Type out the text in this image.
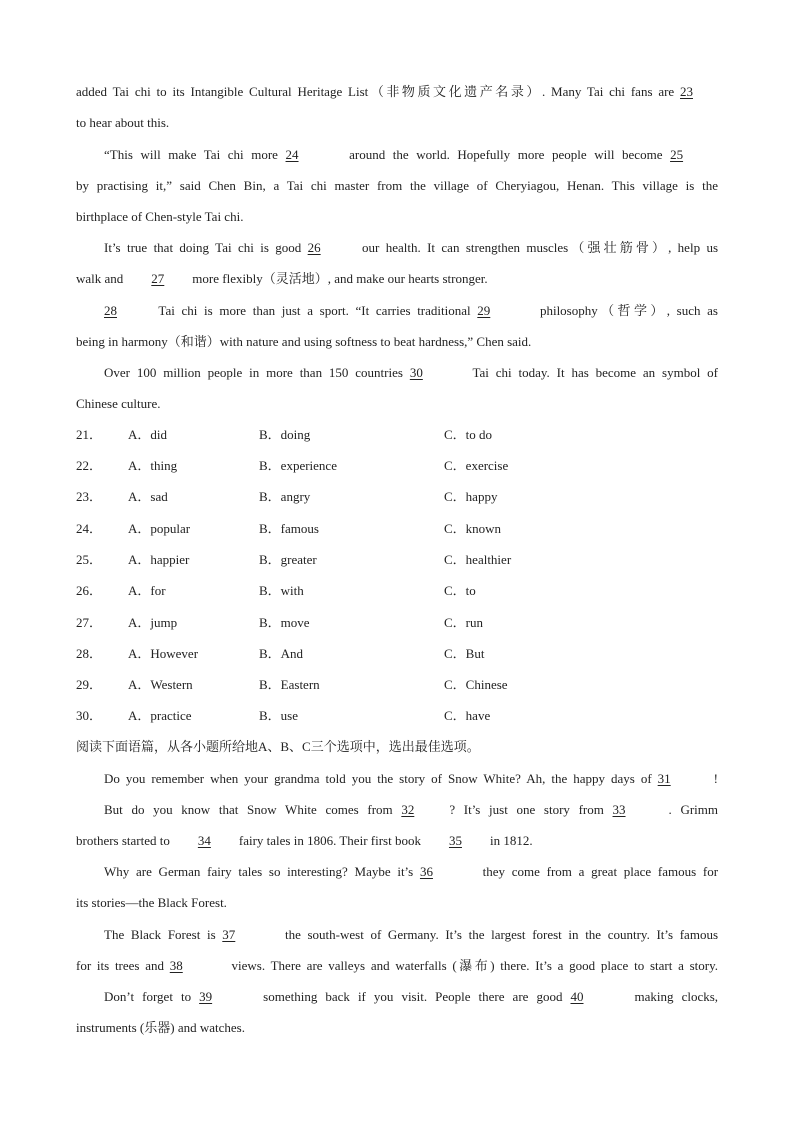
added Tai chi to its Intangible Cultural Heritage List（非物质文化遗产名录）. Many Tai chi fans are 23
to hear about this.
“This will make Tai chi more 24	around the world. Hopefully more people will become 25
by practising it,” said Chen Bin, a Tai chi master from the village of Cheryiagou, Henan. This village is the
birthplace of Chen-style Tai chi.
It’s true that doing Tai chi is good 26	our health. It can strengthen muscles（强壮筋骨）, help us
walk and 27 more flexibly（灵活地）, and make our hearts stronger.
28	Tai chi is more than just a sport. “It carries traditional 29	philosophy（哲学）, such as
being in harmony（和谐）with nature and using softness to beat hardness,” Chen said.
Over 100 million people in more than 150 countries 30	Tai chi today. It has become an symbol of
Chinese culture.
21． A．did	B．doing	C．to do
22． A．thing	B．experience	C．exercise
23． A．sad	B．angry	C．happy
24． A．popular	B．famous	C．known
25． A．happier	B．greater	C．healthier
26． A．for	B．with	C．to
27． A．jump	B．move	C．run
28． A．However	B．And	C．But
29． A．Western	B．Eastern	C．Chinese
30． A．practice	B．use	C．have
阅读下面语篇，从各小题所给地A、B、C三个选项中，选出最佳选项。
Do you remember when your grandma told you the story of Snow White? Ah, the happy days of 31	!
But do you know that Snow White comes from 32	? It’s just one story from 33	. Grimm
brothers started to 34 fairy tales in 1806. Their first book 35 in 1812.
Why are German fairy tales so interesting? Maybe it’s 36	they come from a great place famous for
its stories—the Black Forest.
The Black Forest is 37	the south-west of Germany. It’s the largest forest in the country. It’s famous
for its trees and 38	views. There are valleys and waterfalls (瀑布) there. It’s a good place to start a story.
Don’t forget to 39	something back if you visit. People there are good 40	making clocks,
instruments (乐器) and watches.
